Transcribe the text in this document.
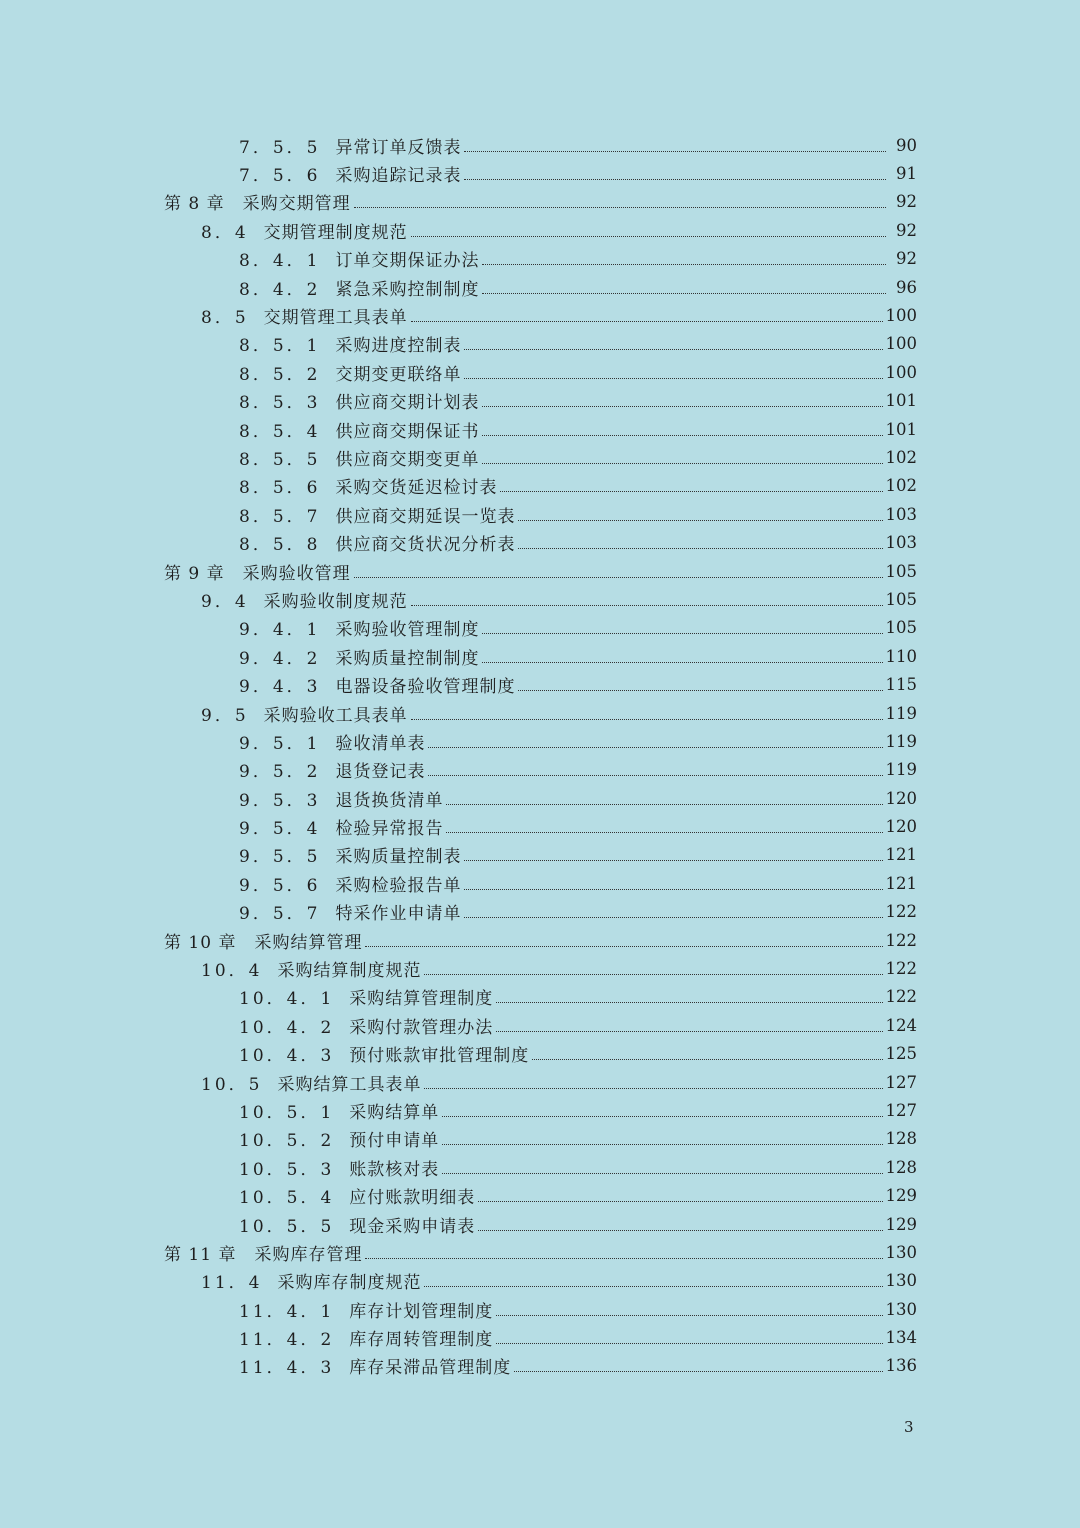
7．5．5 异常订单反馈表	90
7．5．6 采购追踪记录表	91
第 8 章 采购交期管理	92
8．4 交期管理制度规范	92
8．4．1 订单交期保证办法	92
8．4．2 紧急采购控制制度	96
8．5 交期管理工具表单	100
8．5．1 采购进度控制表	100
8．5．2 交期变更联络单	100
8．5．3 供应商交期计划表	101
8．5．4 供应商交期保证书	101
8．5．5 供应商交期变更单	102
8．5．6 采购交货延迟检讨表	102
8．5．7 供应商交期延误一览表	103
8．5．8 供应商交货状况分析表	103
第 9 章 采购验收管理	105
9．4 采购验收制度规范	105
9．4．1 采购验收管理制度	105
9．4．2 采购质量控制制度	110
9．4．3 电器设备验收管理制度	115
9．5 采购验收工具表单	119
9．5．1 验收清单表	119
9．5．2 退货登记表	119
9．5．3 退货换货清单	120
9．5．4 检验异常报告	120
9．5．5 采购质量控制表	121
9．5．6 采购检验报告单	121
9．5．7 特采作业申请单	122
第 10 章 采购结算管理	122
10．4 采购结算制度规范	122
10．4．1 采购结算管理制度	122
10．4．2 采购付款管理办法	124
10．4．3 预付账款审批管理制度	125
10．5 采购结算工具表单	127
10．5．1 采购结算单	127
10．5．2 预付申请单	128
10．5．3 账款核对表	128
10．5．4 应付账款明细表	129
10．5．5 现金采购申请表	129
第 11 章 采购库存管理	130
11．4 采购库存制度规范	130
11．4．1 库存计划管理制度	130
11．4．2 库存周转管理制度	134
11．4．3 库存呆滞品管理制度	136
3
